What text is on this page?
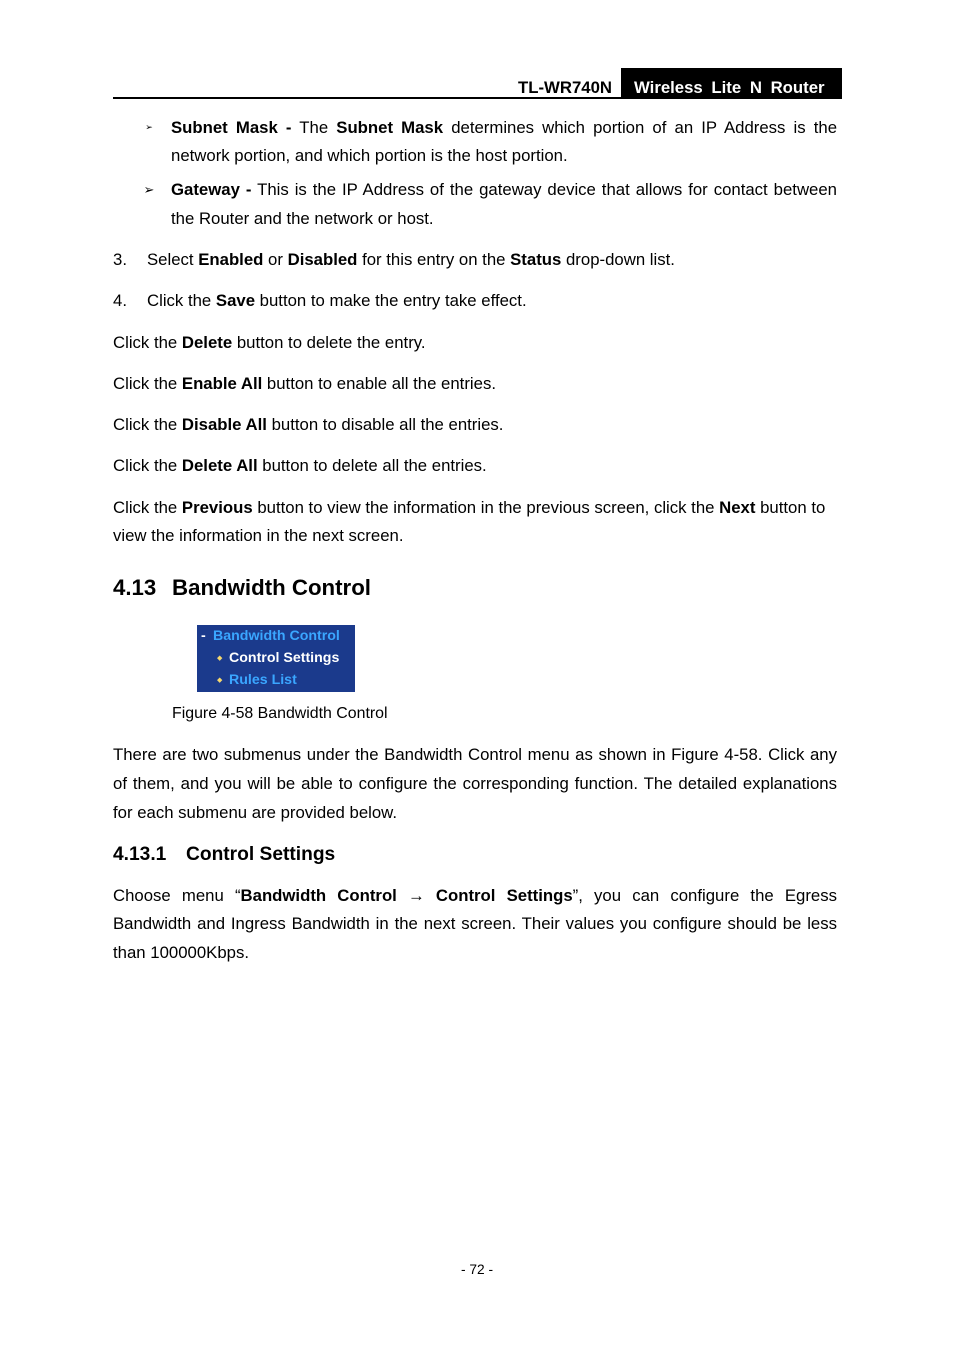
TL-WR740N Wireless Lite N Router
➢ Subnet Mask - The Subnet Mask determines which portion of an IP Address is the
network portion, and which portion is the host portion.
➢ Gateway - This is the IP Address of the gateway device that allows for contact between
the Router and the network or host.
3. Select Enabled or Disabled for this entry on the Status drop-down list.
4. Click the Save button to make the entry take effect.
Click the Delete button to delete the entry.
Click the Enable All button to enable all the entries.
Click the Disable All button to disable all the entries.
Click the Delete All button to delete all the entries.
Click the Previous button to view the information in the previous screen, click the Next button to
view the information in the next screen.
4.13 Bandwidth Control
- Bandwidth Control
◆ Control Settings
◆ Rules List
Figure 4-58 Bandwidth Control
There are two submenus under the Bandwidth Control menu as shown in Figure 4-58. Click any
of them, and you will be able to configure the corresponding function. The detailed explanations
for each submenu are provided below.
4.13.1 Control Settings
Choose menu “Bandwidth Control → Control Settings”, you can configure the Egress
Bandwidth and Ingress Bandwidth in the next screen. Their values you configure should be less
than 100000Kbps.
- 72 -
